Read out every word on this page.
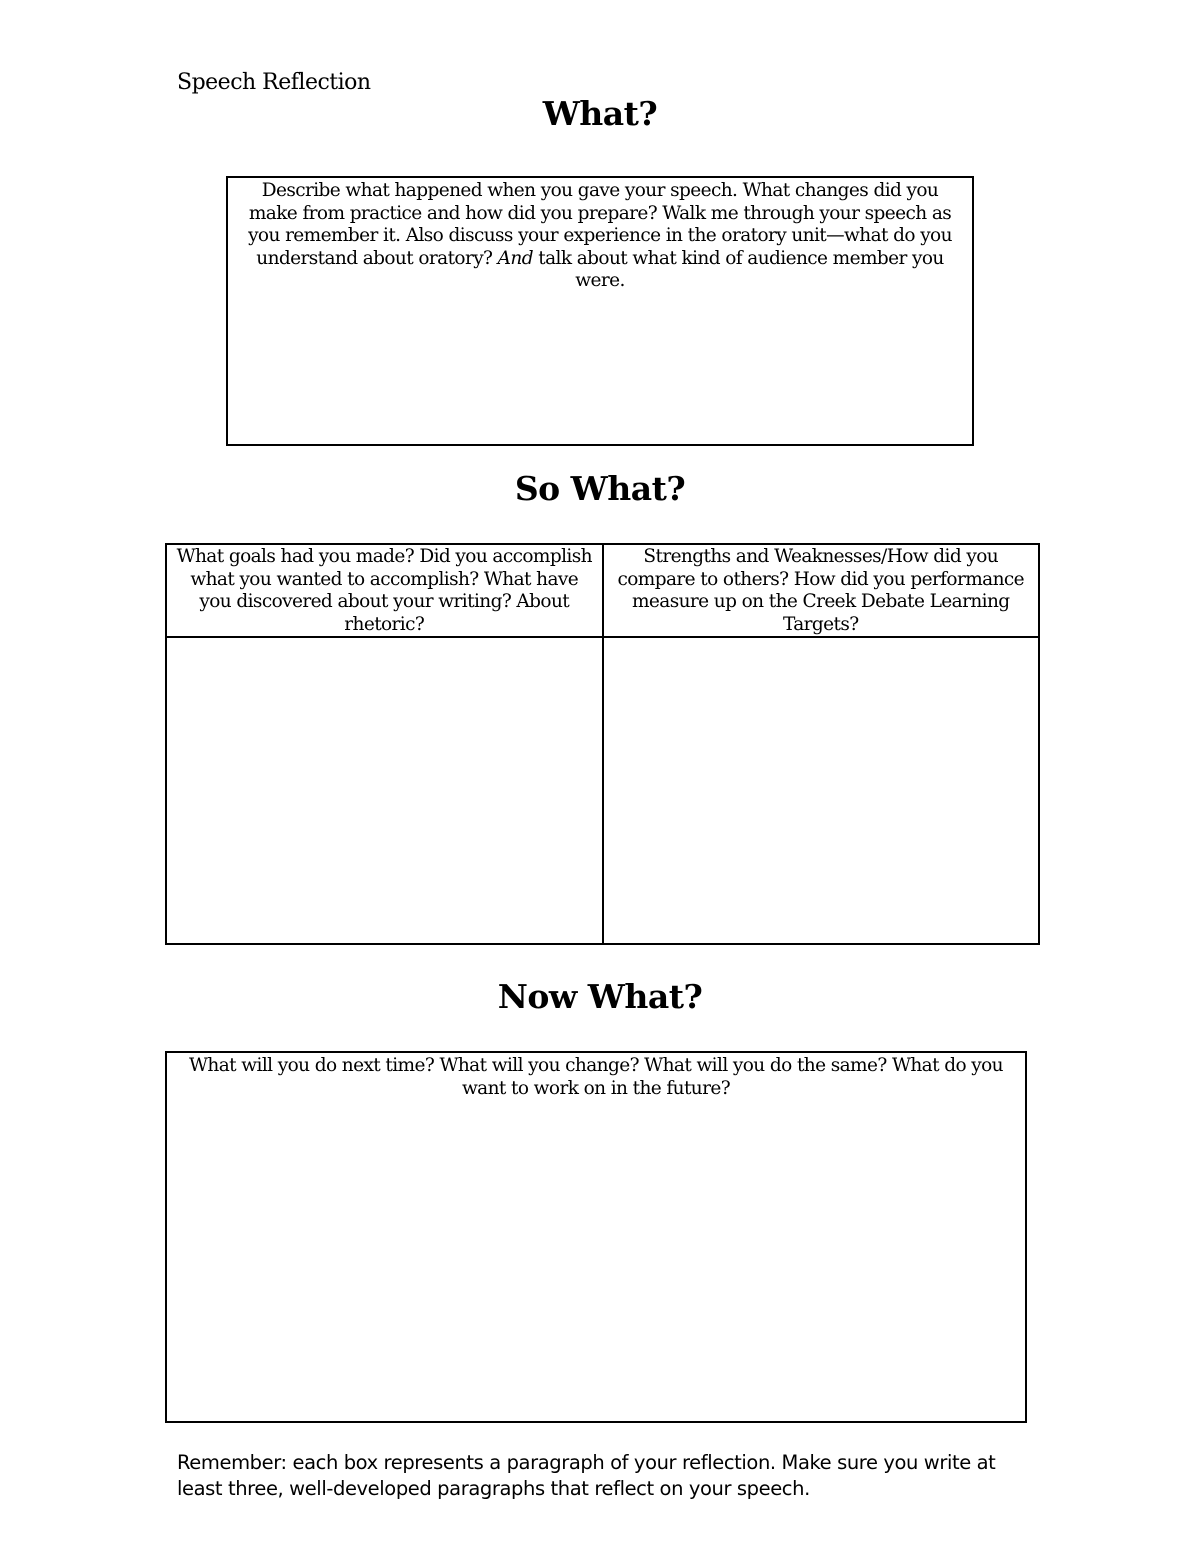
Speech Reflection
What?
Describe what happened when you gave your speech. What changes did you make from practice and how did you prepare? Walk me through your speech as you remember it. Also discuss your experience in the oratory unit—what do you understand about oratory? And talk about what kind of audience member you were.
So What?
What goals had you made? Did you accomplish what you wanted to accomplish? What have you discovered about your writing? About rhetoric?	Strengths and Weaknesses/How did you compare to others? How did you performance measure up on the Creek Debate Learning Targets?

Now What?
What will you do next time? What will you change? What will you do the same? What do you want to work on in the future?
Remember: each box represents a paragraph of your reflection. Make sure you write at least three, well-developed paragraphs that reflect on your speech.
